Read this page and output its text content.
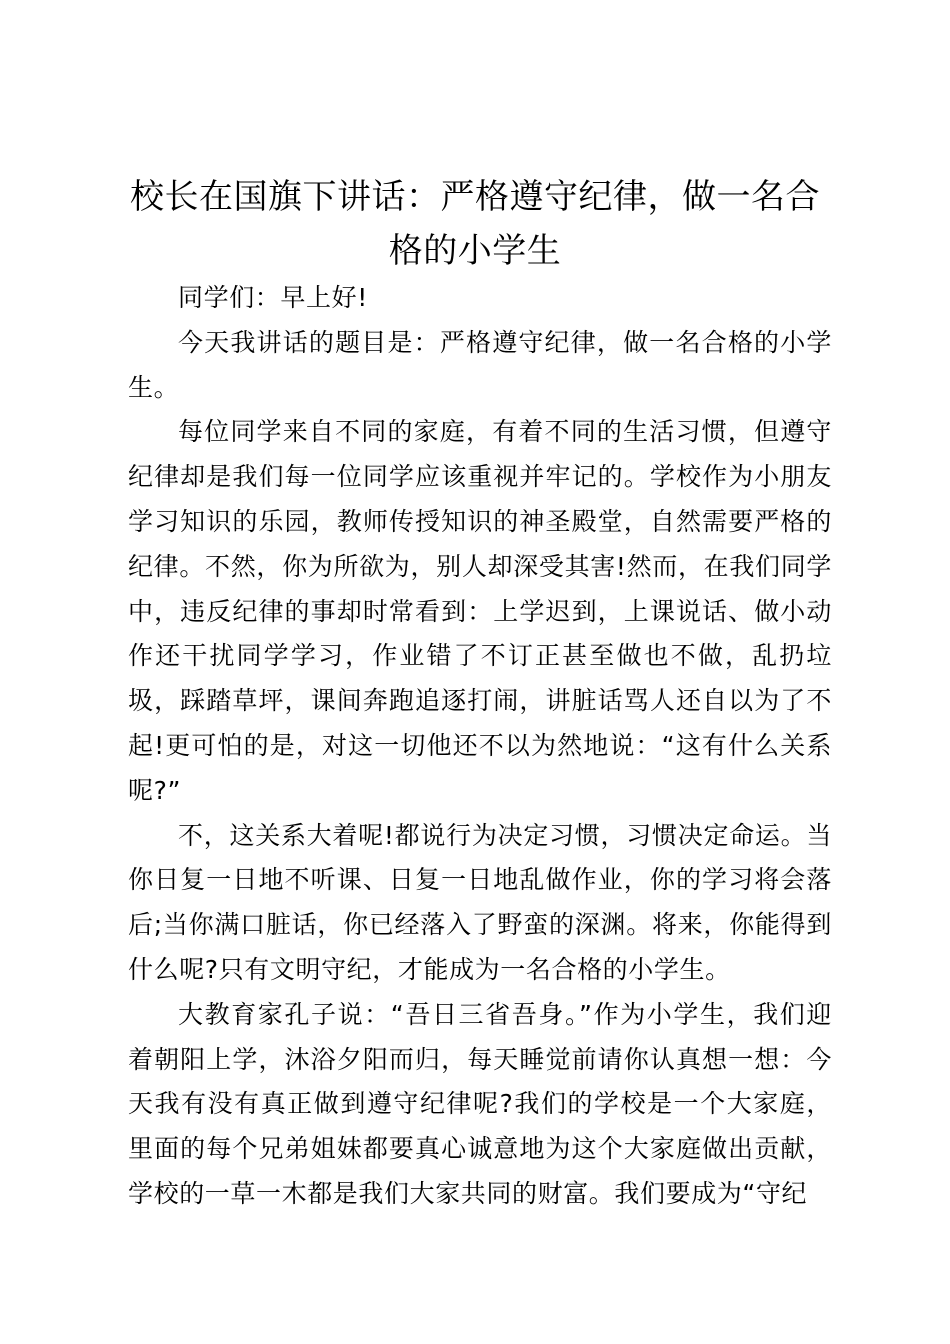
校长在国旗下讲话：严格遵守纪律，做一名合格的小学生

同学们：早上好!

今天我讲话的题目是：严格遵守纪律，做一名合格的小学生。

每位同学来自不同的家庭，有着不同的生活习惯，但遵守纪律却是我们每一位同学应该重视并牢记的。学校作为小朋友学习知识的乐园，教师传授知识的神圣殿堂，自然需要严格的纪律。不然，你为所欲为，别人却深受其害!然而，在我们同学中，违反纪律的事却时常看到：上学迟到，上课说话、做小动作还干扰同学学习，作业错了不订正甚至做也不做，乱扔垃圾，踩踏草坪，课间奔跑追逐打闹，讲脏话骂人还自以为了不起!更可怕的是，对这一切他还不以为然地说：“这有什么关系呢?”

不，这关系大着呢!都说行为决定习惯，习惯决定命运。当你日复一日地不听课、日复一日地乱做作业，你的学习将会落后;当你满口脏话，你已经落入了野蛮的深渊。将来，你能得到什么呢?只有文明守纪，才能成为一名合格的小学生。

大教育家孔子说：“吾日三省吾身。”作为小学生，我们迎着朝阳上学，沐浴夕阳而归，每天睡觉前请你认真想一想：今天我有没有真正做到遵守纪律呢?我们的学校是一个大家庭，里面的每个兄弟姐妹都要真心诚意地为这个大家庭做出贡献，学校的一草一木都是我们大家共同的财富。我们要成为“守纪
